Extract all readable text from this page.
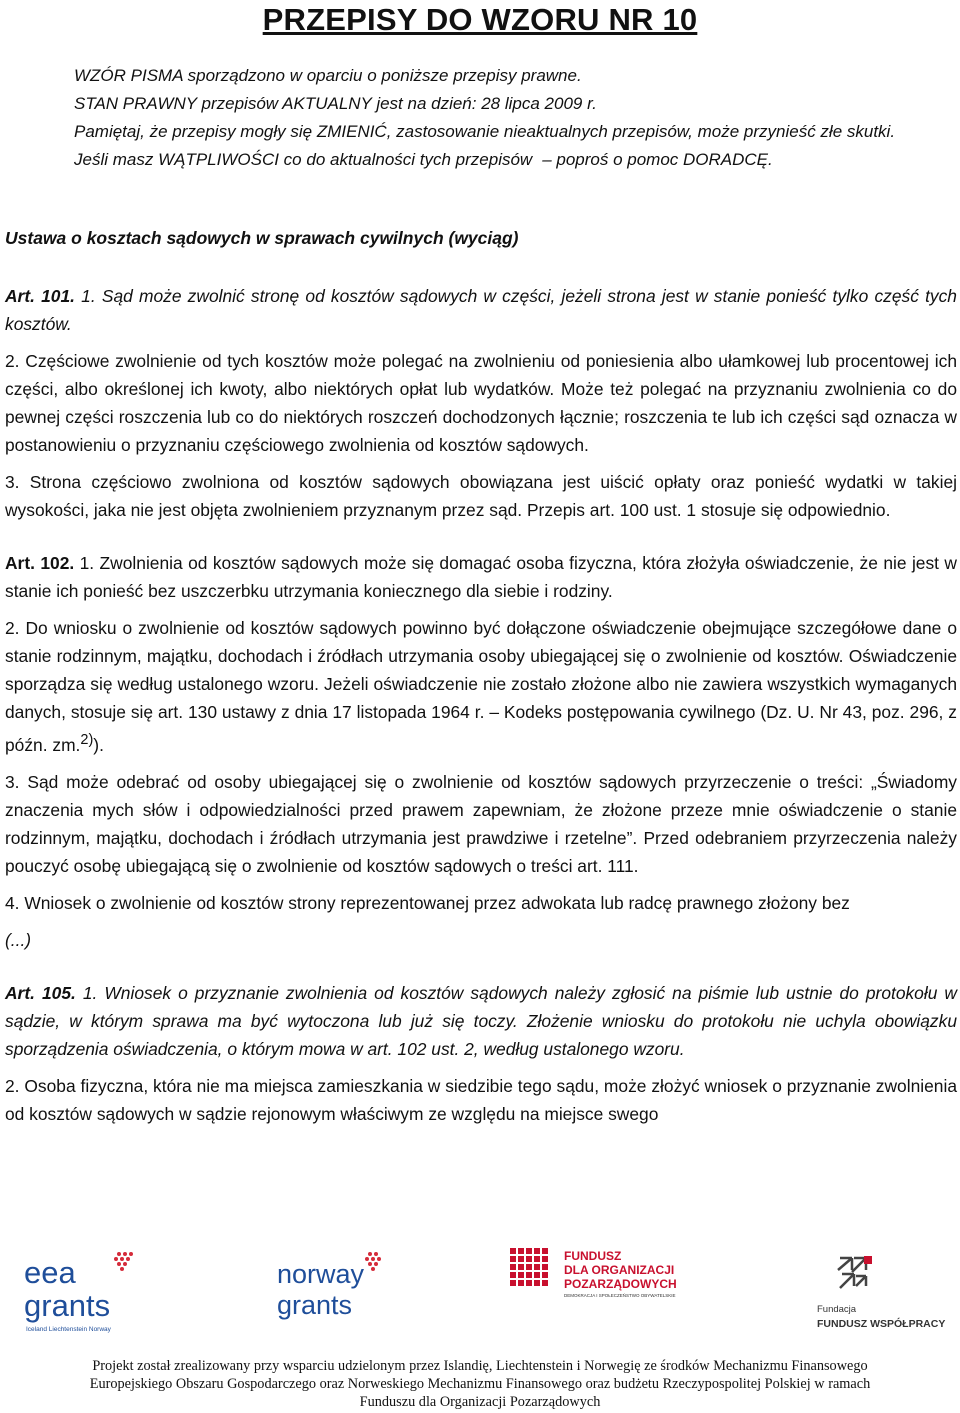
PRZEPISY DO WZORU NR 10
WZÓR PISMA sporządzono w oparciu o poniższe przepisy prawne.
STAN PRAWNY przepisów AKTUALNY jest na dzień: 28 lipca 2009 r.
Pamiętaj, że przepisy mogły się ZMIENIĆ, zastosowanie nieaktualnych przepisów, może przynieść złe skutki.
Jeśli masz WĄTPLIWOŚCI co do aktualności tych przepisów – poproś o pomoc DORADCĘ.
Ustawa o kosztach sądowych w sprawach cywilnych (wyciąg)

Art. 101. 1. Sąd może zwolnić stronę od kosztów sądowych w części, jeżeli strona jest w stanie ponieść tylko część tych kosztów.

2. Częściowe zwolnienie od tych kosztów może polegać na zwolnieniu od poniesienia albo ułamkowej lub procentowej ich części, albo określonej ich kwoty, albo niektórych opłat lub wydatków. Może też polegać na przyznaniu zwolnienia co do pewnej części roszczenia lub co do niektórych roszczeń dochodzonych łącznie; roszczenia te lub ich części sąd oznacza w postanowieniu o przyznaniu częściowego zwolnienia od kosztów sądowych.

3. Strona częściowo zwolniona od kosztów sądowych obowiązana jest uiścić opłaty oraz ponieść wydatki w takiej wysokości, jaka nie jest objęta zwolnieniem przyznanym przez sąd. Przepis art. 100 ust. 1 stosuje się odpowiednio.

Art. 102. 1. Zwolnienia od kosztów sądowych może się domagać osoba fizyczna, która złożyła oświadczenie, że nie jest w stanie ich ponieść bez uszczerbku utrzymania koniecznego dla siebie i rodziny.

2. Do wniosku o zwolnienie od kosztów sądowych powinno być dołączone oświadczenie obejmujące szczegółowe dane o stanie rodzinnym, majątku, dochodach i źródłach utrzymania osoby ubiegającej się o zwolnienie od kosztów. Oświadczenie sporządza się według ustalonego wzoru. Jeżeli oświadczenie nie zostało złożone albo nie zawiera wszystkich wymaganych danych, stosuje się art. 130 ustawy z dnia 17 listopada 1964 r. – Kodeks postępowania cywilnego (Dz. U. Nr 43, poz. 296, z późn. zm.$^{2)}$).

3. Sąd może odebrać od osoby ubiegającej się o zwolnienie od kosztów sądowych przyrzeczenie o treści: „Świadomy znaczenia mych słów i odpowiedzialności przed prawem zapewniam, że złożone przeze mnie oświadczenie o stanie rodzinnym, majątku, dochodach i źródłach utrzymania jest prawdziwe i rzetelne”. Przed odebraniem przyrzeczenia należy pouczyć osobę ubiegającą się o zwolnienie od kosztów sądowych o treści art. 111.

4. Wniosek o zwolnienie od kosztów strony reprezentowanej przez adwokata lub radcę prawnego złożony bez

(...)

Art. 105. 1. Wniosek o przyznanie zwolnienia od kosztów sądowych należy zgłosić na piśmie lub ustnie do protokołu w sądzie, w którym sprawa ma być wytoczona lub już się toczy. Złożenie wniosku do protokołu nie uchyla obowiązku sporządzenia oświadczenia, o którym mowa w art. 102 ust. 2, według ustalonego wzoru.

2. Osoba fizyczna, która nie ma miejsca zamieszkania w siedzibie tego sądu, może złożyć wniosek o przyznanie zwolnienia od kosztów sądowych w sądzie rejonowym właściwym ze względu na miejsce swego

eea
grants
Iceland Liechtenstein Norway
norway
grants
FUNDUSZ
DLA ORGANIZACJI
POZARZĄDOWYCH
DEMOKRACJA I SPOŁECZEŃSTWO OBYWATELSKIE
Fundacja
FUNDUSZ WSPÓŁPRACY
Projekt został zrealizowany przy wsparciu udzielonym przez Islandię, Liechtenstein i Norwegię ze środków Mechanizmu Finansowego
Europejskiego Obszaru Gospodarczego oraz Norweskiego Mechanizmu Finansowego oraz budżetu Rzeczypospolitej Polskiej w ramach
Funduszu dla Organizacji Pozarządowych
